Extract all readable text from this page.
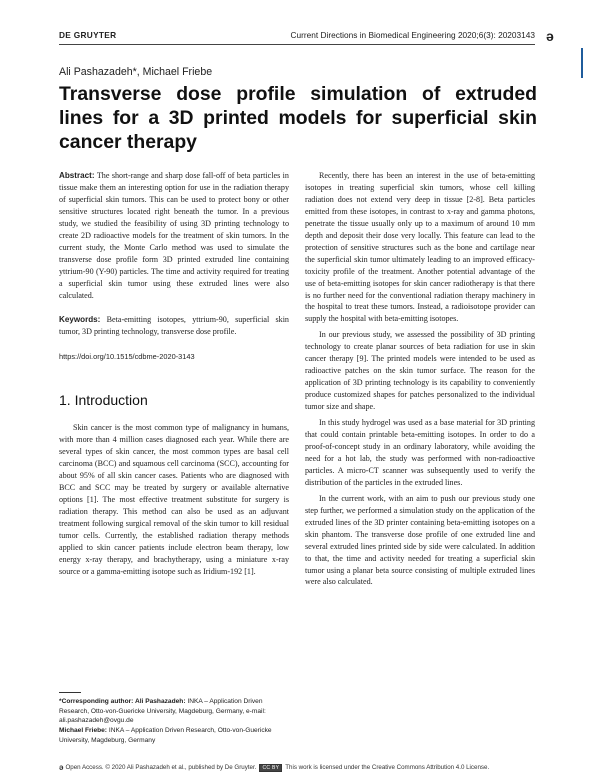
DE GRUYTER	Current Directions in Biomedical Engineering 2020;6(3): 20203143 ə
Ali Pashazadeh*, Michael Friebe
Transverse dose profile simulation of extruded lines for a 3D printed models for superficial skin cancer therapy

Abstract: The short-range and sharp dose fall-off of beta particles in tissue make them an interesting option for use in the radiation therapy of superficial skin tumors. This can be used to protect bony or other sensitive structures located right beneath the tumor. In a previous study, we studied the feasibility of using 3D printing technology to create 2D radioactive models for the treatment of skin tumors. In the current study, the Monte Carlo method was used to simulate the transverse dose profile form 3D printed extruded line containing yttrium-90 (Y-90) particles. The time and activity required for treating a superficial skin tumor using these extruded lines were also calculated.

Keywords: Beta-emitting isotopes, yttrium-90, superficial skin tumor, 3D printing technology, transverse dose profile.

https://doi.org/10.1515/cdbme-2020-3143

1. Introduction

Skin cancer is the most common type of malignancy in humans, with more than 4 million cases diagnosed each year. While there are several types of skin cancer, the most common types are basal cell carcinoma (BCC) and squamous cell carcinoma (SCC), accounting for about 95% of all skin cancer cases. Patients who are diagnosed with BCC and SCC may be treated by surgery or available alternative options [1]. The most effective treatment substitute for surgery is radiation therapy. This method can also be used as an adjuvant treatment following surgical removal of the skin tumor to kill residual tumor cells. Currently, the established radiation therapy methods applied to skin cancer patients include electron beam therapy, low energy x-ray therapy, and brachytherapy, using a miniature x-ray source or a gamma-emitting isotope such as Iridium-192 [1].

Recently, there has been an interest in the use of beta-emitting isotopes in treating superficial skin tumors, whose cell killing radiation does not extend very deep in tissue [2-8]. Beta particles emitted from these isotopes, in contrast to x-ray and gamma photons, penetrate the tissue usually only up to a maximum of around 10 mm depth and deposit their dose very locally. This feature can lead to the protection of sensitive structures such as the bone and cartilage near the superficial skin tumor ultimately leading to an improved efficacy-toxicity profile of the treatment. Another potential advantage of the use of beta-emitting isotopes for skin cancer radiotherapy is that there is no further need for the conventional radiation therapy machinery in the hospital to treat these tumors. Instead, a radioisotope provider can supply the hospital with beta-emitting isotopes.

In our previous study, we assessed the possibility of 3D printing technology to create planar sources of beta radiation for use in skin cancer therapy [9]. The printed models were intended to be used as radioactive patches on the skin tumor surface. The reason for the application of 3D printing technology is its capability to conveniently produce customized shapes for patches personalized to the individual tumor size and shape.

In this study hydrogel was used as a base material for 3D printing that could contain printable beta-emitting isotopes. In order to do a proof-of-concept study in an ordinary laboratory, while avoiding the need for a hot lab, the study was performed with non-radioactive particles. A micro-CT scanner was subsequently used to verify the distribution of the particles in the extruded lines.

In the current work, with an aim to push our previous study one step further, we performed a simulation study on the application of the extruded lines of the 3D printer containing beta-emitting isotopes on a skin phantom. The transverse dose profile of one extruded line and several extruded lines printed side by side were calculated. In addition to that, the time and activity needed for treating a superficial skin tumor using a planar beta source consisting of multiple extruded lines were also calculated.

*Corresponding author: Ali Pashazadeh: INKA – Application Driven Research, Otto-von-Guericke University, Magdeburg, Germany, e-mail: ali.pashazadeh@ovgu.de

Michael Friebe: INKA – Application Driven Research, Otto-von-Guericke University, Magdeburg, Germany

ə Open Access. © 2020 Ali Pashazadeh et al., published by De Gruyter.	CC BY This work is licensed under the Creative Commons Attribution 4.0 License.
